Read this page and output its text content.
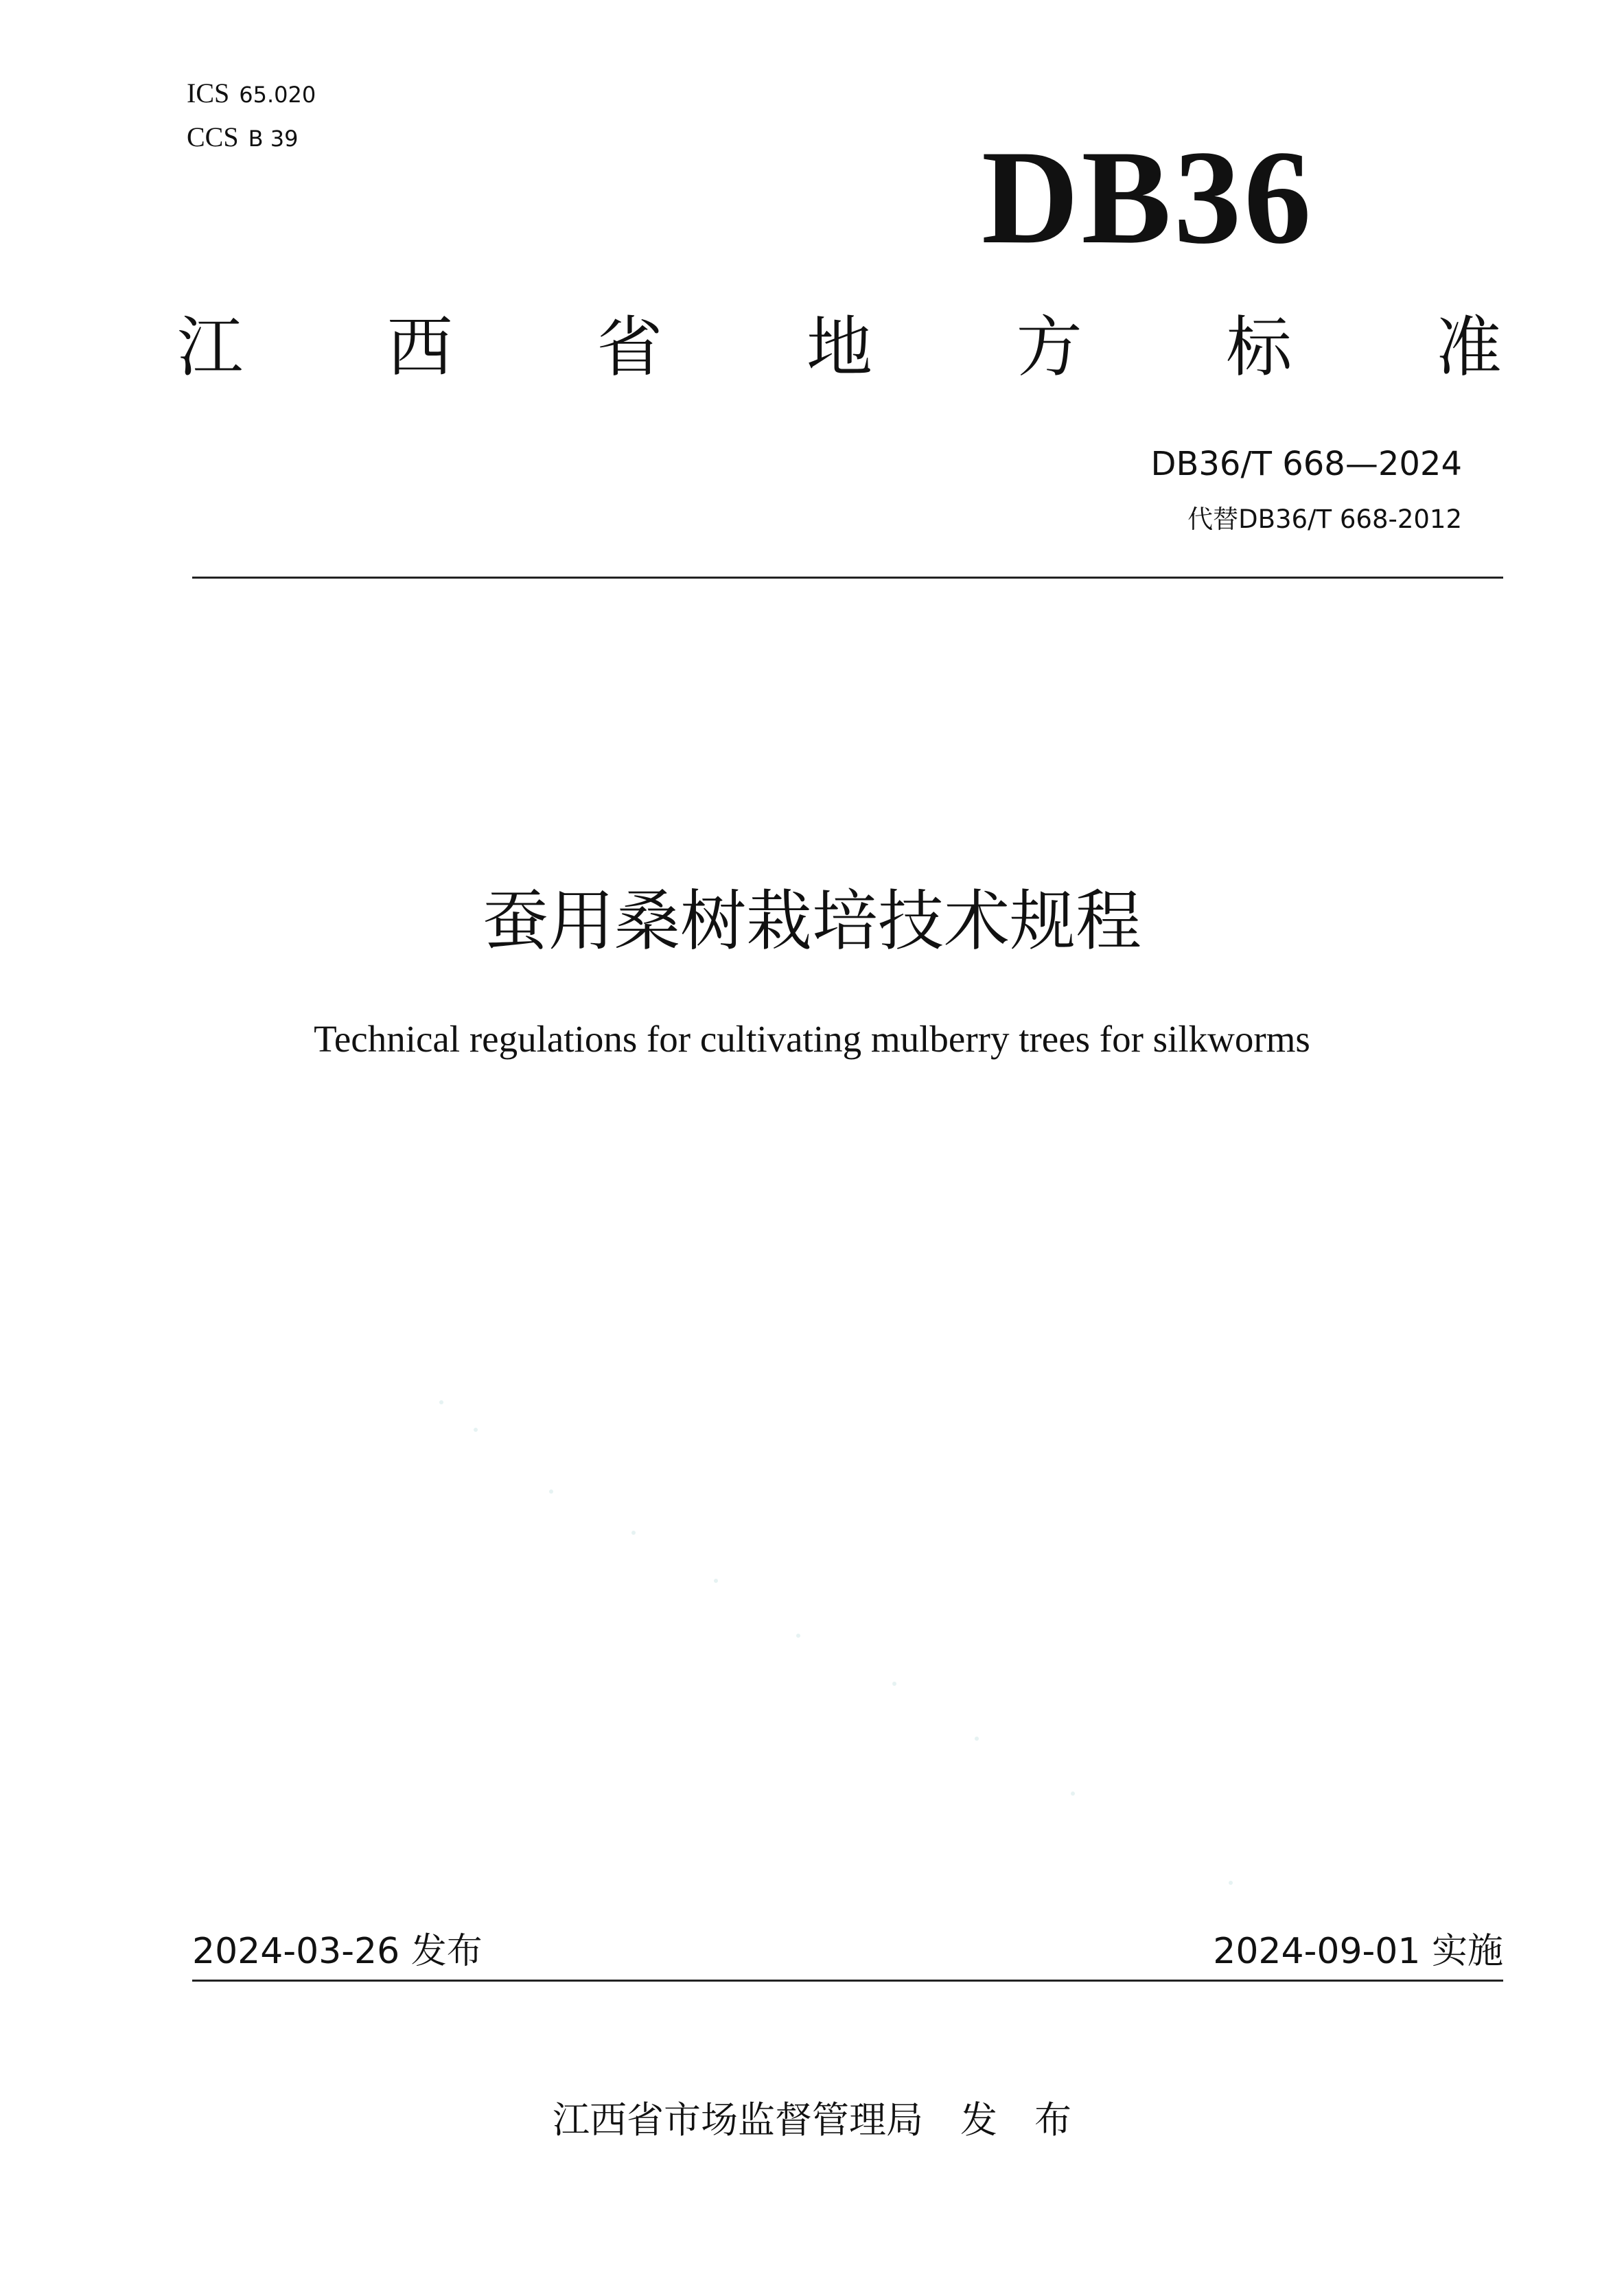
ICS 65.020
CCS B 39	DB36
江 西 省 地 方 标 准
DB36/T 668—2024
代替DB36/T 668-2012
蚕用桑树栽培技术规程
Technical regulations for cultivating mulberry trees for silkworms
2024-03-26 发布	2024-09-01 实施
江西省市场监督管理局　发　布
